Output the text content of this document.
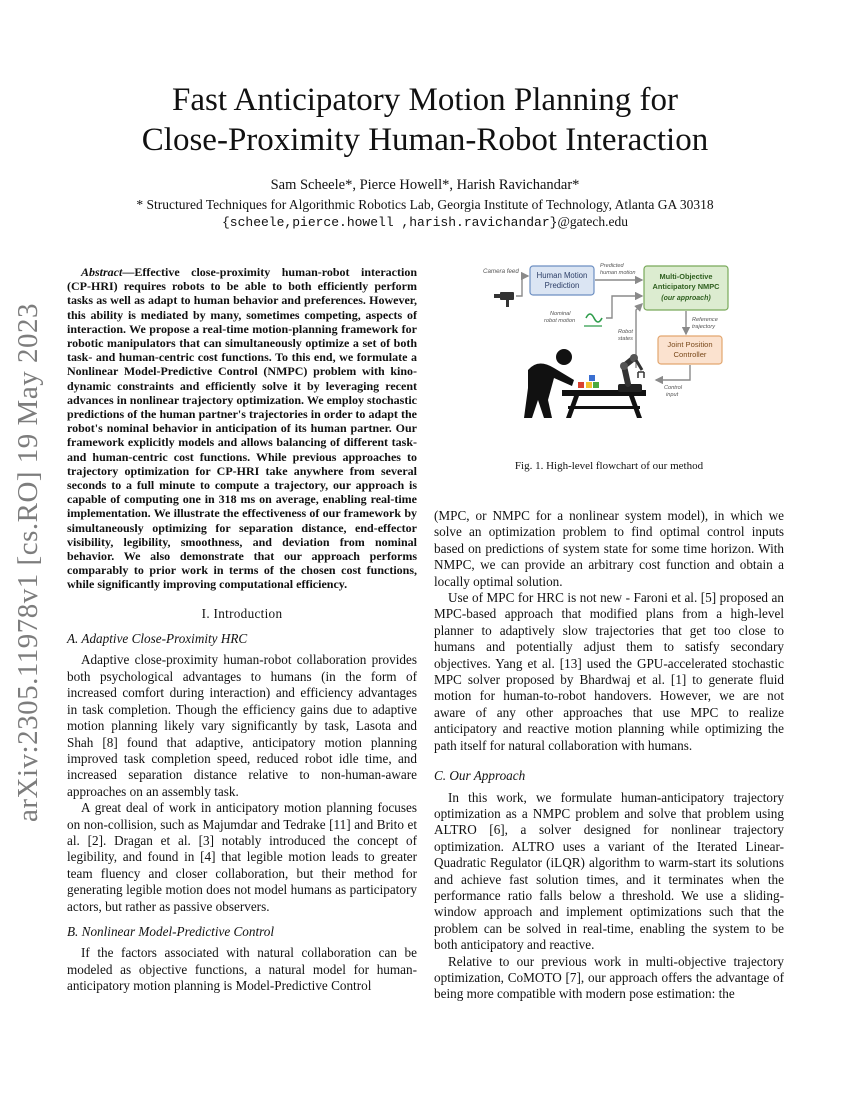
arXiv:2305.11978v1 [cs.RO] 19 May 2023
Fast Anticipatory Motion Planning for
Close-Proximity Human-Robot Interaction
Sam Scheele*, Pierce Howell*, Harish Ravichandar*
* Structured Techniques for Algorithmic Robotics Lab, Georgia Institute of Technology, Atlanta GA 30318
{scheele,pierce.howell ,harish.ravichandar}@gatech.edu
Abstract—Effective close-proximity human-robot interaction (CP-HRI) requires robots to be able to both efficiently perform tasks as well as adapt to human behavior and preferences. However, this ability is mediated by many, sometimes competing, aspects of interaction. We propose a real-time motion-planning framework for robotic manipulators that can simultaneously optimize a set of both task- and human-centric cost functions. To this end, we formulate a Nonlinear Model-Predictive Control (NMPC) problem with kino-dynamic constraints and efficiently solve it by leveraging recent advances in nonlinear trajectory optimization. We employ stochastic predictions of the human partner's trajectories in order to adapt the robot's nominal behavior in anticipation of its human partner. Our framework explicitly models and allows balancing of different task- and human-centric cost functions. While previous approaches to trajectory optimization for CP-HRI take anywhere from several seconds to a full minute to compute a trajectory, our approach is capable of computing one in 318 ms on average, enabling real-time implementation. We illustrate the effectiveness of our framework by simultaneously optimizing for separation distance, end-effector visibility, legibility, smoothness, and deviation from nominal behavior. We also demonstrate that our approach performs comparably to prior work in terms of the chosen cost functions, while significantly improving computational efficiency.
I. Introduction
A. Adaptive Close-Proximity HRC

Adaptive close-proximity human-robot collaboration provides both psychological advantages to humans (in the form of increased comfort during interaction) and efficiency advantages in task completion. Though the efficiency gains due to adaptive motion planning likely vary significantly by task, Lasota and Shah [8] found that adaptive, anticipatory motion planning improved task completion speed, reduced robot idle time, and increased separation distance relative to non-human-aware approaches on an assembly task.

A great deal of work in anticipatory motion planning focuses on non-collision, such as Majumdar and Tedrake [11] and Brito et al. [2]. Dragan et al. [3] notably introduced the concept of legibility, and found in [4] that legible motion leads to greater team fluency and closer collaboration, but their method for generating legible motion does not model humans as participatory actors, but rather as passive observers.

B. Nonlinear Model-Predictive Control

If the factors associated with natural collaboration can be modeled as objective functions, a natural model for human-anticipatory motion planning is Model-Predictive Control

Camera feed Human Motion
Prediction
Predicted
human motion	Multi-Objective
Anticipatory NMPC
(our approach)
Nominal
robot motion
Robot
states
Reference
trajectory
Joint Position
Controller
Control
input
Fig. 1. High-level flowchart of our method

(MPC, or NMPC for a nonlinear system model), in which we solve an optimization problem to find optimal control inputs based on predictions of system state for some time horizon. With NMPC, we can provide an arbitrary cost function and obtain a locally optimal solution.

Use of MPC for HRC is not new - Faroni et al. [5] proposed an MPC-based approach that modified plans from a high-level planner to adaptively slow trajectories that get too close to humans and potentially adjust them to satisfy secondary objectives. Yang et al. [13] used the GPU-accelerated stochastic MPC solver proposed by Bhardwaj et al. [1] to generate fluid motion for human-to-robot handovers. However, we are not aware of any other approaches that use MPC to realize anticipatory and reactive motion planning while optimizing the path itself for natural collaboration with humans.

C. Our Approach

In this work, we formulate human-anticipatory trajectory optimization as a NMPC problem and solve that problem using ALTRO [6], a solver designed for nonlinear trajectory optimization. ALTRO uses a variant of the Iterated Linear-Quadratic Regulator (iLQR) algorithm to warm-start its solutions and achieve fast solution times, and it terminates when the performance ratio falls below a threshold. We use a sliding-window approach and implement optimizations such that the problem can be solved in real-time, enabling the system to be both anticipatory and reactive.

Relative to our previous work in multi-objective trajectory optimization, CoMOTO [7], our approach offers the advantage of being more compatible with modern pose estimation: the
